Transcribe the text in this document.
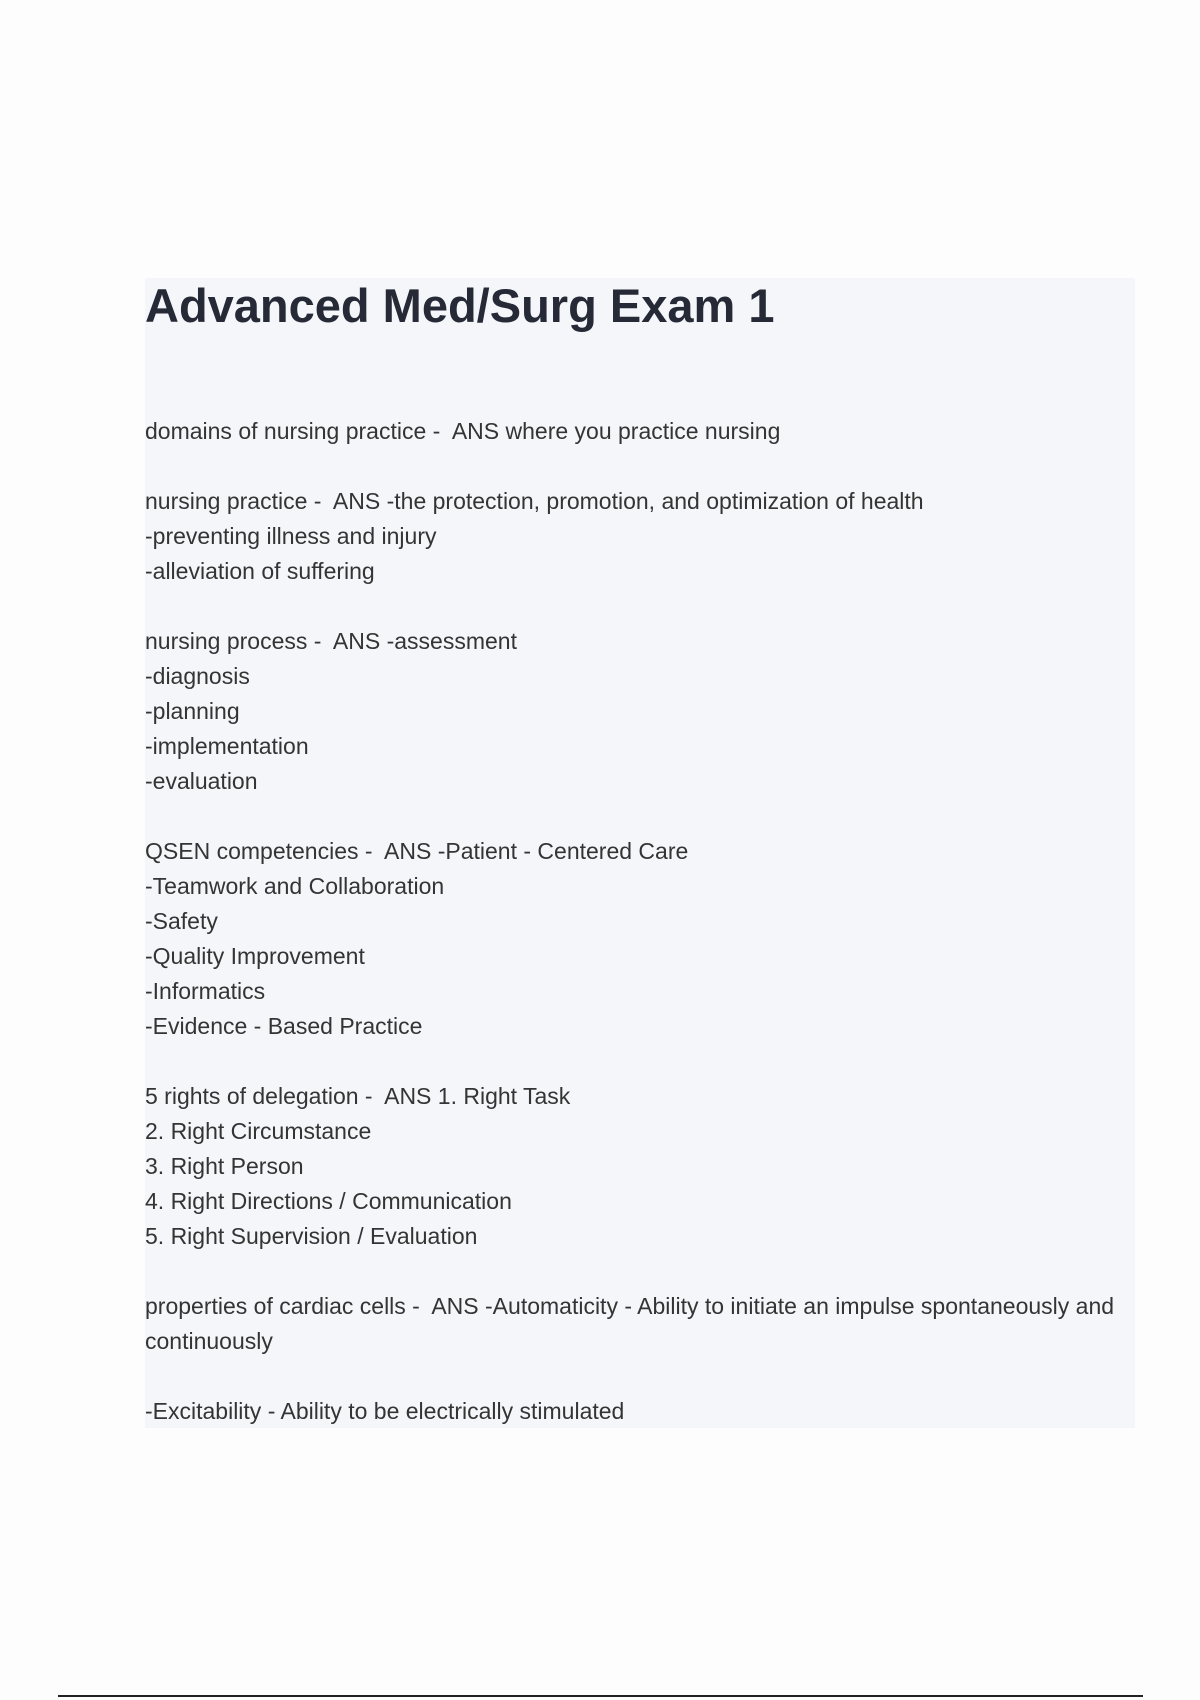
Advanced Med/Surg Exam 1

domains of nursing practice -  ANS where you practice nursing

nursing practice -  ANS -the protection, promotion, and optimization of health

-preventing illness and injury

-alleviation of suffering

nursing process -  ANS -assessment

-diagnosis

-planning

-implementation

-evaluation

QSEN competencies -  ANS -Patient - Centered Care

-Teamwork and Collaboration

-Safety

-Quality Improvement

-Informatics

-Evidence - Based Practice

5 rights of delegation -  ANS 1. Right Task

2. Right Circumstance

3. Right Person

4. Right Directions / Communication

5. Right Supervision / Evaluation

properties of cardiac cells -  ANS -Automaticity - Ability to initiate an impulse spontaneously and continuously

-Excitability - Ability to be electrically stimulated
